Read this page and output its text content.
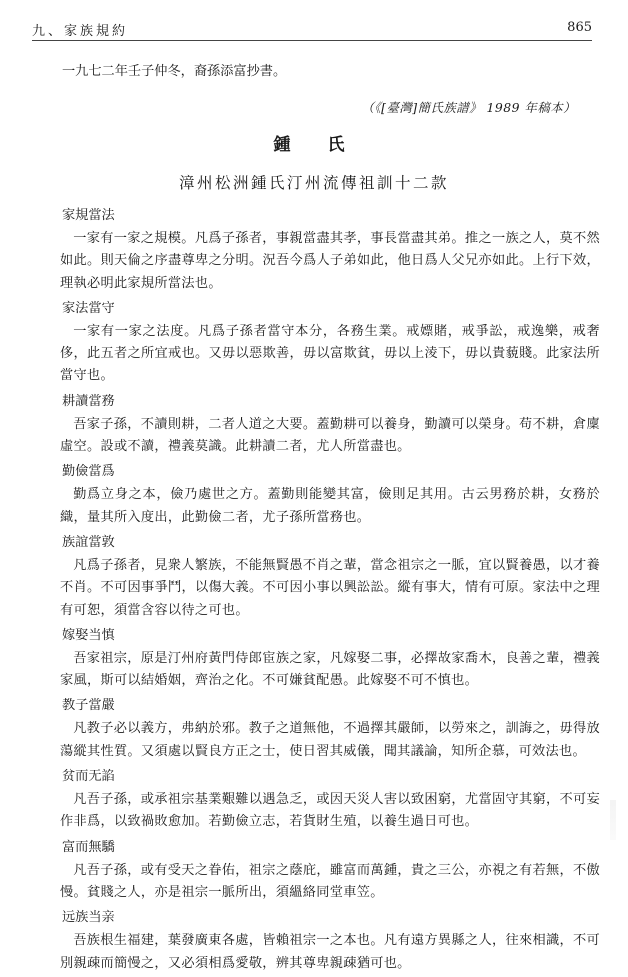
九、家族規約	865
一九七二年壬子仲冬，裔孫添富抄書。
（《[臺灣]簡氏族譜》 1989 年稿本）
鍾　氏
漳州松洲鍾氏汀州流傳祖訓十二款
家規當法
一家有一家之規模。凡爲子孫者，事親當盡其孝，事長當盡其弟。推之一族之人，莫不然如此。則天倫之序盡尊卑之分明。況吾今爲人子弟如此，他日爲人父兄亦如此。上行下效，理執必明此家規所當法也。
家法當守
一家有一家之法度。凡爲子孫者當守本分，各務生業。戒嫖賭，戒爭訟，戒逸樂，戒奢侈，此五者之所宜戒也。又毋以惡欺善，毋以富欺貧，毋以上淩下，毋以貴藐賤。此家法所當守也。
耕讀當務
吾家子孫，不讀則耕，二者人道之大要。蓋勤耕可以養身，勤讀可以榮身。苟不耕，倉廩虛空。設或不讀，禮義莫識。此耕讀二者，尤人所當盡也。
勤儉當爲
勤爲立身之本，儉乃處世之方。蓋勤則能變其富，儉則足其用。古云男務於耕，女務於織，量其所入度出，此勤儉二者，尤子孫所當務也。
族誼當敦
凡爲子孫者，見衆人繁族，不能無賢愚不肖之輩，當念祖宗之一脈，宜以賢養愚，以才養不肖。不可因事爭鬥，以傷大義。不可因小事以興訟訟。縱有事大，情有可原。家法中之理有可恕，須當含容以待之可也。
嫁娶当慎
吾家祖宗，原是汀州府黃門侍郎宦族之家，凡嫁娶二事，必擇故家喬木，良善之輩，禮義家風，斯可以結婚姻，齊治之化。不可嫌貧配愚。此嫁娶不可不慎也。
教子當嚴
凡教子必以義方，弗納於邪。教子之道無他，不過擇其嚴師，以勞來之，訓誨之，毋得放蕩縱其性質。又須處以賢良方正之士，使日習其威儀，聞其議論，知所企慕，可效法也。
贫而无諂
凡吾子孫，或承祖宗基業艱難以遇急乏，或因天災人害以致困窮，尤當固守其窮，不可妄作非爲，以致禍敗愈加。若勤儉立志，若貨財生殖，以養生過日可也。
富而無驕
凡吾子孫，或有受天之眷佑，祖宗之蔭庇，雖富而萬鍾，貴之三公，亦視之有若無，不傲慢。貧賤之人，亦是祖宗一脈所出，須縕絡同堂車笠。
远族当亲
吾族根生福建，葉發廣東各處，皆賴祖宗一之本也。凡有遠方異縣之人，往來相識，不可別親疎而簡慢之，又必須相爲愛敬，辨其尊卑親疎猶可也。
